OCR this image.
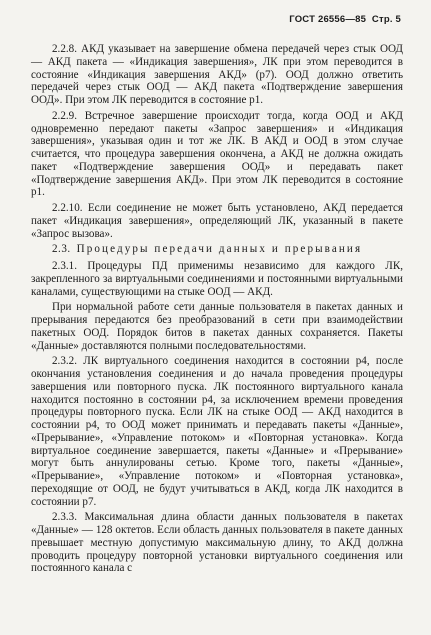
ГОСТ 26556—85 Стр. 5

2.2.8. АКД указывает на завершение обмена передачей через стык ООД — АКД пакета — «Индикация завершения», ЛК при этом переводится в состояние «Индикация завершения АКД» (р7). ООД должно ответить передачей через стык ООД — АКД пакета «Подтверждение завершения ООД». При этом ЛК переводится в состояние р1.

2.2.9. Встречное завершение происходит тогда, когда ООД и АКД одновременно передают пакеты «Запрос завершения» и «Индикация завершения», указывая один и тот же ЛК. В АКД и ООД в этом случае считается, что процедура завершения окончена, а АКД не должна ожидать пакет «Подтверждение завершения ООД» и передавать пакет «Подтверждение завершения АКД». При этом ЛК переводится в состояние р1.

2.2.10. Если соединение не может быть установлено, АКД передается пакет «Индикация завершения», определяющий ЛК, указанный в пакете «Запрос вызова».

2.3. Процедуры передачи данных и прерывания

2.3.1. Процедуры ПД применимы независимо для каждого ЛК, закрепленного за виртуальными соединениями и постоянными виртуальными каналами, существующими на стыке ООД — АКД.

При нормальной работе сети данные пользователя в пакетах данных и прерывания передаются без преобразований в сети при взаимодействии пакетных ООД. Порядок битов в пакетах данных сохраняется. Пакеты «Данные» доставляются полными последовательностями.

2.3.2. ЛК виртуального соединения находится в состоянии р4, после окончания установления соединения и до начала проведения процедуры завершения или повторного пуска. ЛК постоянного виртуального канала находится постоянно в состоянии р4, за исключением времени проведения процедуры повторного пуска. Если ЛК на стыке ООД — АКД находится в состоянии р4, то ООД может принимать и передавать пакеты «Данные», «Прерывание», «Управление потоком» и «Повторная установка». Когда виртуальное соединение завершается, пакеты «Данные» и «Прерывание» могут быть аннулированы сетью. Кроме того, пакеты «Данные», «Прерывание», «Управление потоком» и «Повторная установка», переходящие от ООД, не будут учитываться в АКД, когда ЛК находится в состоянии р7.

2.3.3. Максимальная длина области данных пользователя в пакетах «Данные» — 128 октетов. Если область данных пользователя в пакете данных превышает местную допустимую максимальную длину, то АКД должна проводить процедуру повторной установки виртуального соединения или постоянного канала с
